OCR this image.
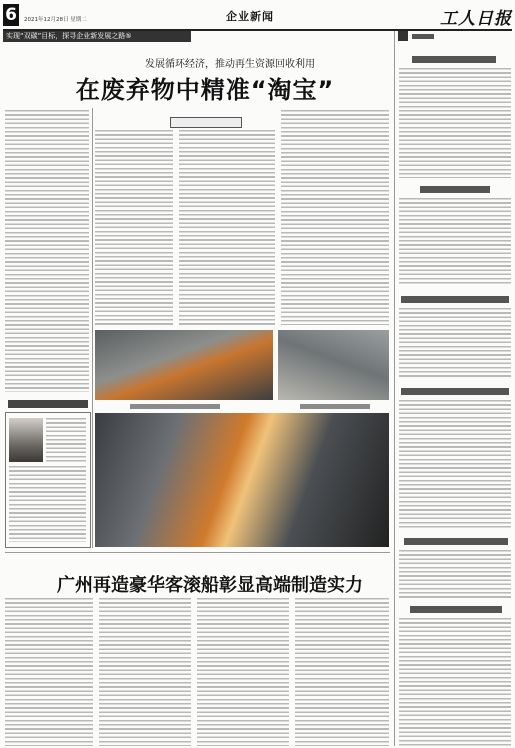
6	2021年12月28日 星期二	企业新闻	工人日报
实现“双碳”目标，探寻企业新发展之路⑤
发展循环经济，推动再生资源回收利用
在废弃物中精准“淘宝”
广州再造豪华客滚船彰显高端制造实力
